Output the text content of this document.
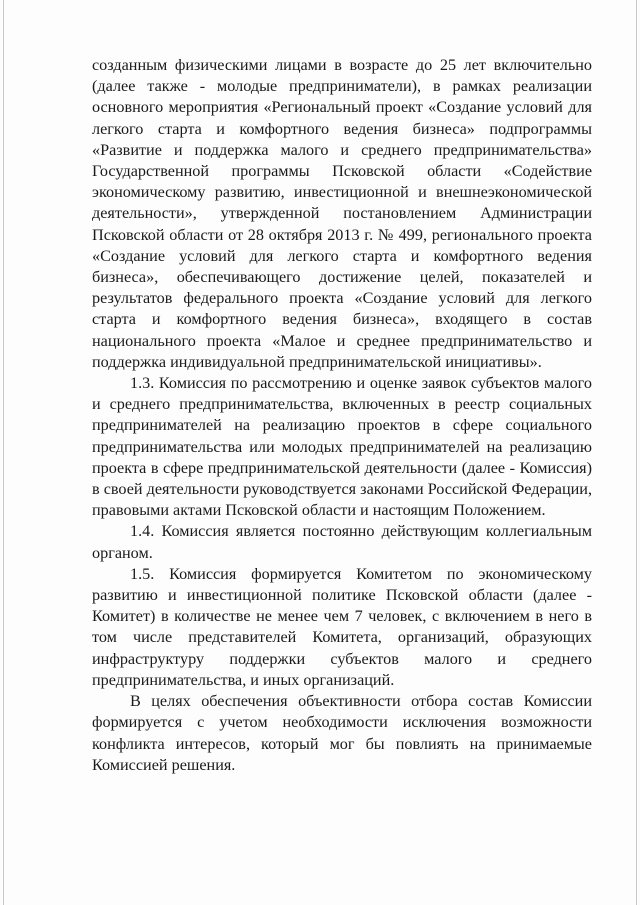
созданным физическими лицами в возрасте до 25 лет включительно (далее также - молодые предприниматели), в рамках реализации основного мероприятия «Региональный проект «Создание условий для легкого старта и комфортного ведения бизнеса» подпрограммы «Развитие и поддержка малого и среднего предпринимательства» Государственной программы Псковской области «Содействие экономическому развитию, инвестиционной и внешнеэкономической деятельности», утвержденной постановлением Администрации Псковской области от 28 октября 2013 г. № 499, регионального проекта «Создание условий для легкого старта и комфортного ведения бизнеса», обеспечивающего достижение целей, показателей и результатов федерального проекта «Создание условий для легкого старта и комфортного ведения бизнеса», входящего в состав национального проекта «Малое и среднее предпринимательство и поддержка индивидуальной предпринимательской инициативы».

1.3. Комиссия по рассмотрению и оценке заявок субъектов малого и среднего предпринимательства, включенных в реестр социальных предпринимателей на реализацию проектов в сфере социального предпринимательства или молодых предпринимателей на реализацию проекта в сфере предпринимательской деятельности (далее - Комиссия) в своей деятельности руководствуется законами Российской Федерации, правовыми актами Псковской области и настоящим Положением.

1.4. Комиссия является постоянно действующим коллегиальным органом.

1.5. Комиссия формируется Комитетом по экономическому развитию и инвестиционной политике Псковской области (далее - Комитет) в количестве не менее чем 7 человек, с включением в него в том числе представителей Комитета, организаций, образующих инфраструктуру поддержки субъектов малого и среднего предпринимательства, и иных организаций.

В целях обеспечения объективности отбора состав Комиссии формируется с учетом необходимости исключения возможности конфликта интересов, который мог бы повлиять на принимаемые Комиссией решения.
